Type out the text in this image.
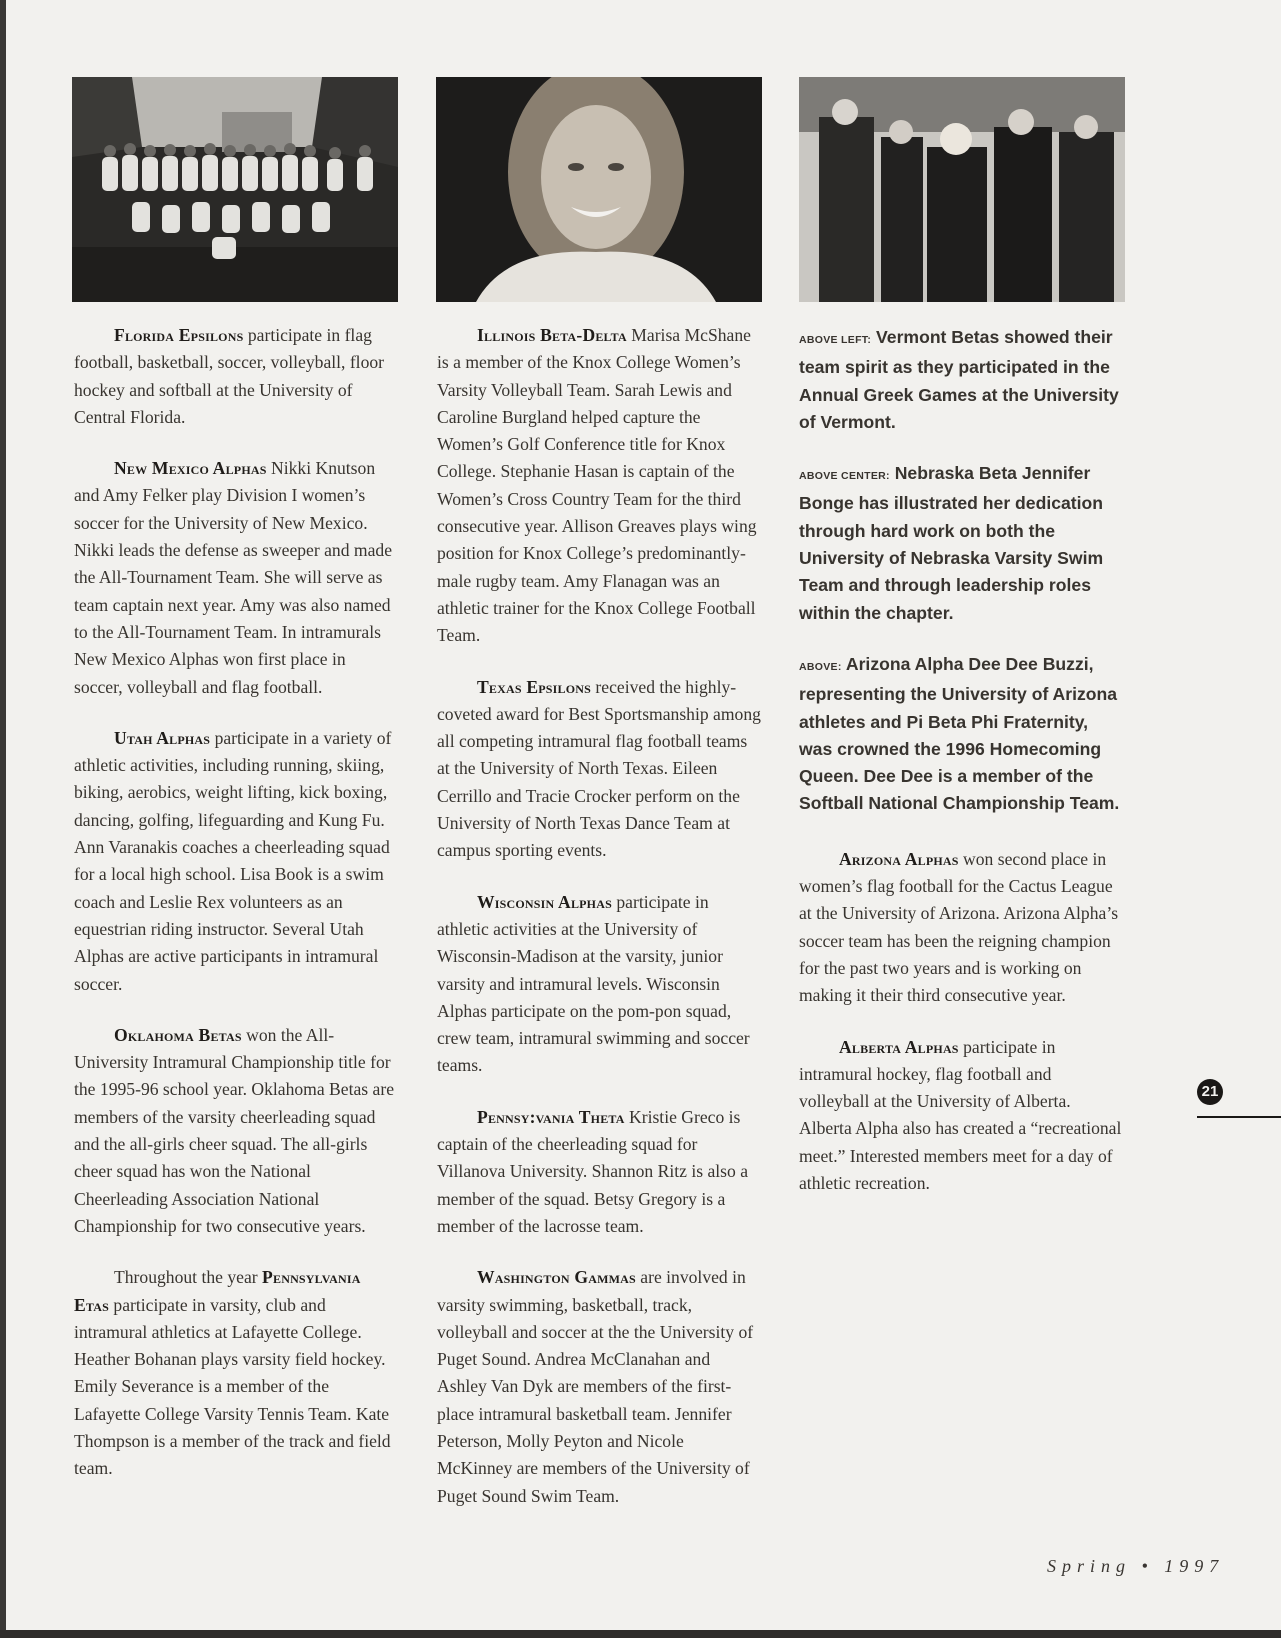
Florida Epsilons participate in flag football, basketball, soccer, volleyball, floor hockey and softball at the University of Central Florida.

New Mexico Alphas Nikki Knutson and Amy Felker play Division I women’s soccer for the University of New Mexico. Nikki leads the defense as sweeper and made the All-Tournament Team. She will serve as team captain next year. Amy was also named to the All-Tournament Team. In intramurals New Mexico Alphas won first place in soccer, volleyball and flag football.

Utah Alphas participate in a variety of athletic activities, including running, skiing, biking, aerobics, weight lifting, kick boxing, dancing, golfing, lifeguarding and Kung Fu. Ann Varanakis coaches a cheerleading squad for a local high school. Lisa Book is a swim coach and Leslie Rex volunteers as an equestrian riding instructor. Several Utah Alphas are active participants in intramural soccer.

Oklahoma Betas won the All-University Intramural Championship title for the 1995-96 school year. Oklahoma Betas are members of the varsity cheerleading squad and the all-girls cheer squad. The all-girls cheer squad has won the National Cheerleading Association National Championship for two consecutive years.

Throughout the year Pennsylvania Etas participate in varsity, club and intramural athletics at Lafayette College. Heather Bohanan plays varsity field hockey. Emily Severance is a member of the Lafayette College Varsity Tennis Team. Kate Thompson is a member of the track and field team.

Illinois Beta-Delta Marisa McShane is a member of the Knox College Women’s Varsity Volleyball Team. Sarah Lewis and Caroline Burgland helped capture the Women’s Golf Conference title for Knox College. Stephanie Hasan is captain of the Women’s Cross Country Team for the third consecutive year. Allison Greaves plays wing position for Knox College’s predominantly-male rugby team. Amy Flanagan was an athletic trainer for the Knox College Football Team.

Texas Epsilons received the highly-coveted award for Best Sportsmanship among all competing intramural flag football teams at the University of North Texas. Eileen Cerrillo and Tracie Crocker perform on the University of North Texas Dance Team at campus sporting events.

Wisconsin Alphas participate in athletic activities at the University of Wisconsin-Madison at the varsity, junior varsity and intramural levels. Wisconsin Alphas participate on the pom-pon squad, crew team, intramural swimming and soccer teams.

Pennsy:vania Theta Kristie Greco is captain of the cheerleading squad for Villanova University. Shannon Ritz is also a member of the squad. Betsy Gregory is a member of the lacrosse team.

Washington Gammas are involved in varsity swimming, basketball, track, volleyball and soccer at the the University of Puget Sound. Andrea McClanahan and Ashley Van Dyk are members of the first-place intramural basketball team. Jennifer Peterson, Molly Peyton and Nicole McKinney are members of the University of Puget Sound Swim Team.

ABOVE LEFT: Vermont Betas showed their team spirit as they participated in the Annual Greek Games at the University of Vermont.

ABOVE CENTER: Nebraska Beta Jennifer Bonge has illustrated her dedication through hard work on both the University of Nebraska Varsity Swim Team and through leadership roles within the chapter.

ABOVE: Arizona Alpha Dee Dee Buzzi, representing the University of Arizona athletes and Pi Beta Phi Fraternity, was crowned the 1996 Homecoming Queen. Dee Dee is a member of the Softball National Championship Team.

Arizona Alphas won second place in women’s flag football for the Cactus League at the University of Arizona. Arizona Alpha’s soccer team has been the reigning champion for the past two years and is working on making it their third consecutive year.

Alberta Alphas participate in intramural hockey, flag football and volleyball at the University of Alberta. Alberta Alpha also has created a “recreational meet.” Interested members meet for a day of athletic recreation.

21
Spring • 1997
